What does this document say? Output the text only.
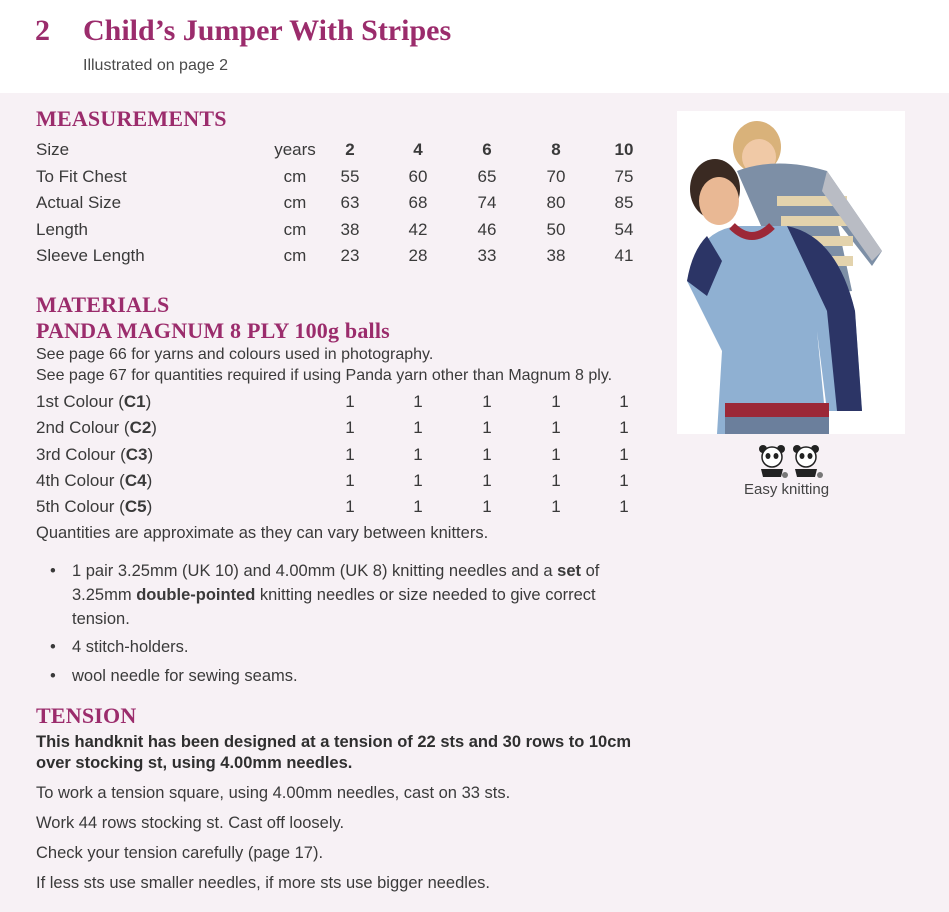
2 Child’s Jumper With Stripes
Illustrated on page 2
MEASUREMENTS
Size	years	2	4	6	8	10
To Fit Chest	cm	55	60	65	70	75
Actual Size	cm	63	68	74	80	85
Length	cm	38	42	46	50	54
Sleeve Length	cm	23	28	33	38	41
MATERIALS
PANDA MAGNUM 8 PLY 100g balls
See page 66 for yarns and colours used in photography.
See page 67 for quantities required if using Panda yarn other than Magnum 8 ply.
1st Colour (C1)	1	1	1	1	1
2nd Colour (C2)	1	1	1	1	1
3rd Colour (C3)	1	1	1	1	1
4th Colour (C4)	1	1	1	1	1
5th Colour (C5)	1	1	1	1	1
Quantities are approximate as they can vary between knitters.
• 1 pair 3.25mm (UK 10) and 4.00mm (UK 8) knitting needles and a set of 3.25mm double-pointed knitting needles or size needed to give correct tension.
• 4 stitch-holders.
• wool needle for sewing seams.
TENSION
This handknit has been designed at a tension of 22 sts and 30 rows to 10cm over stocking st, using 4.00mm needles.
To work a tension square, using 4.00mm needles, cast on 33 sts.
Work 44 rows stocking st. Cast off loosely.
Check your tension carefully (page 17).
If less sts use smaller needles, if more sts use bigger needles.
Easy knitting
